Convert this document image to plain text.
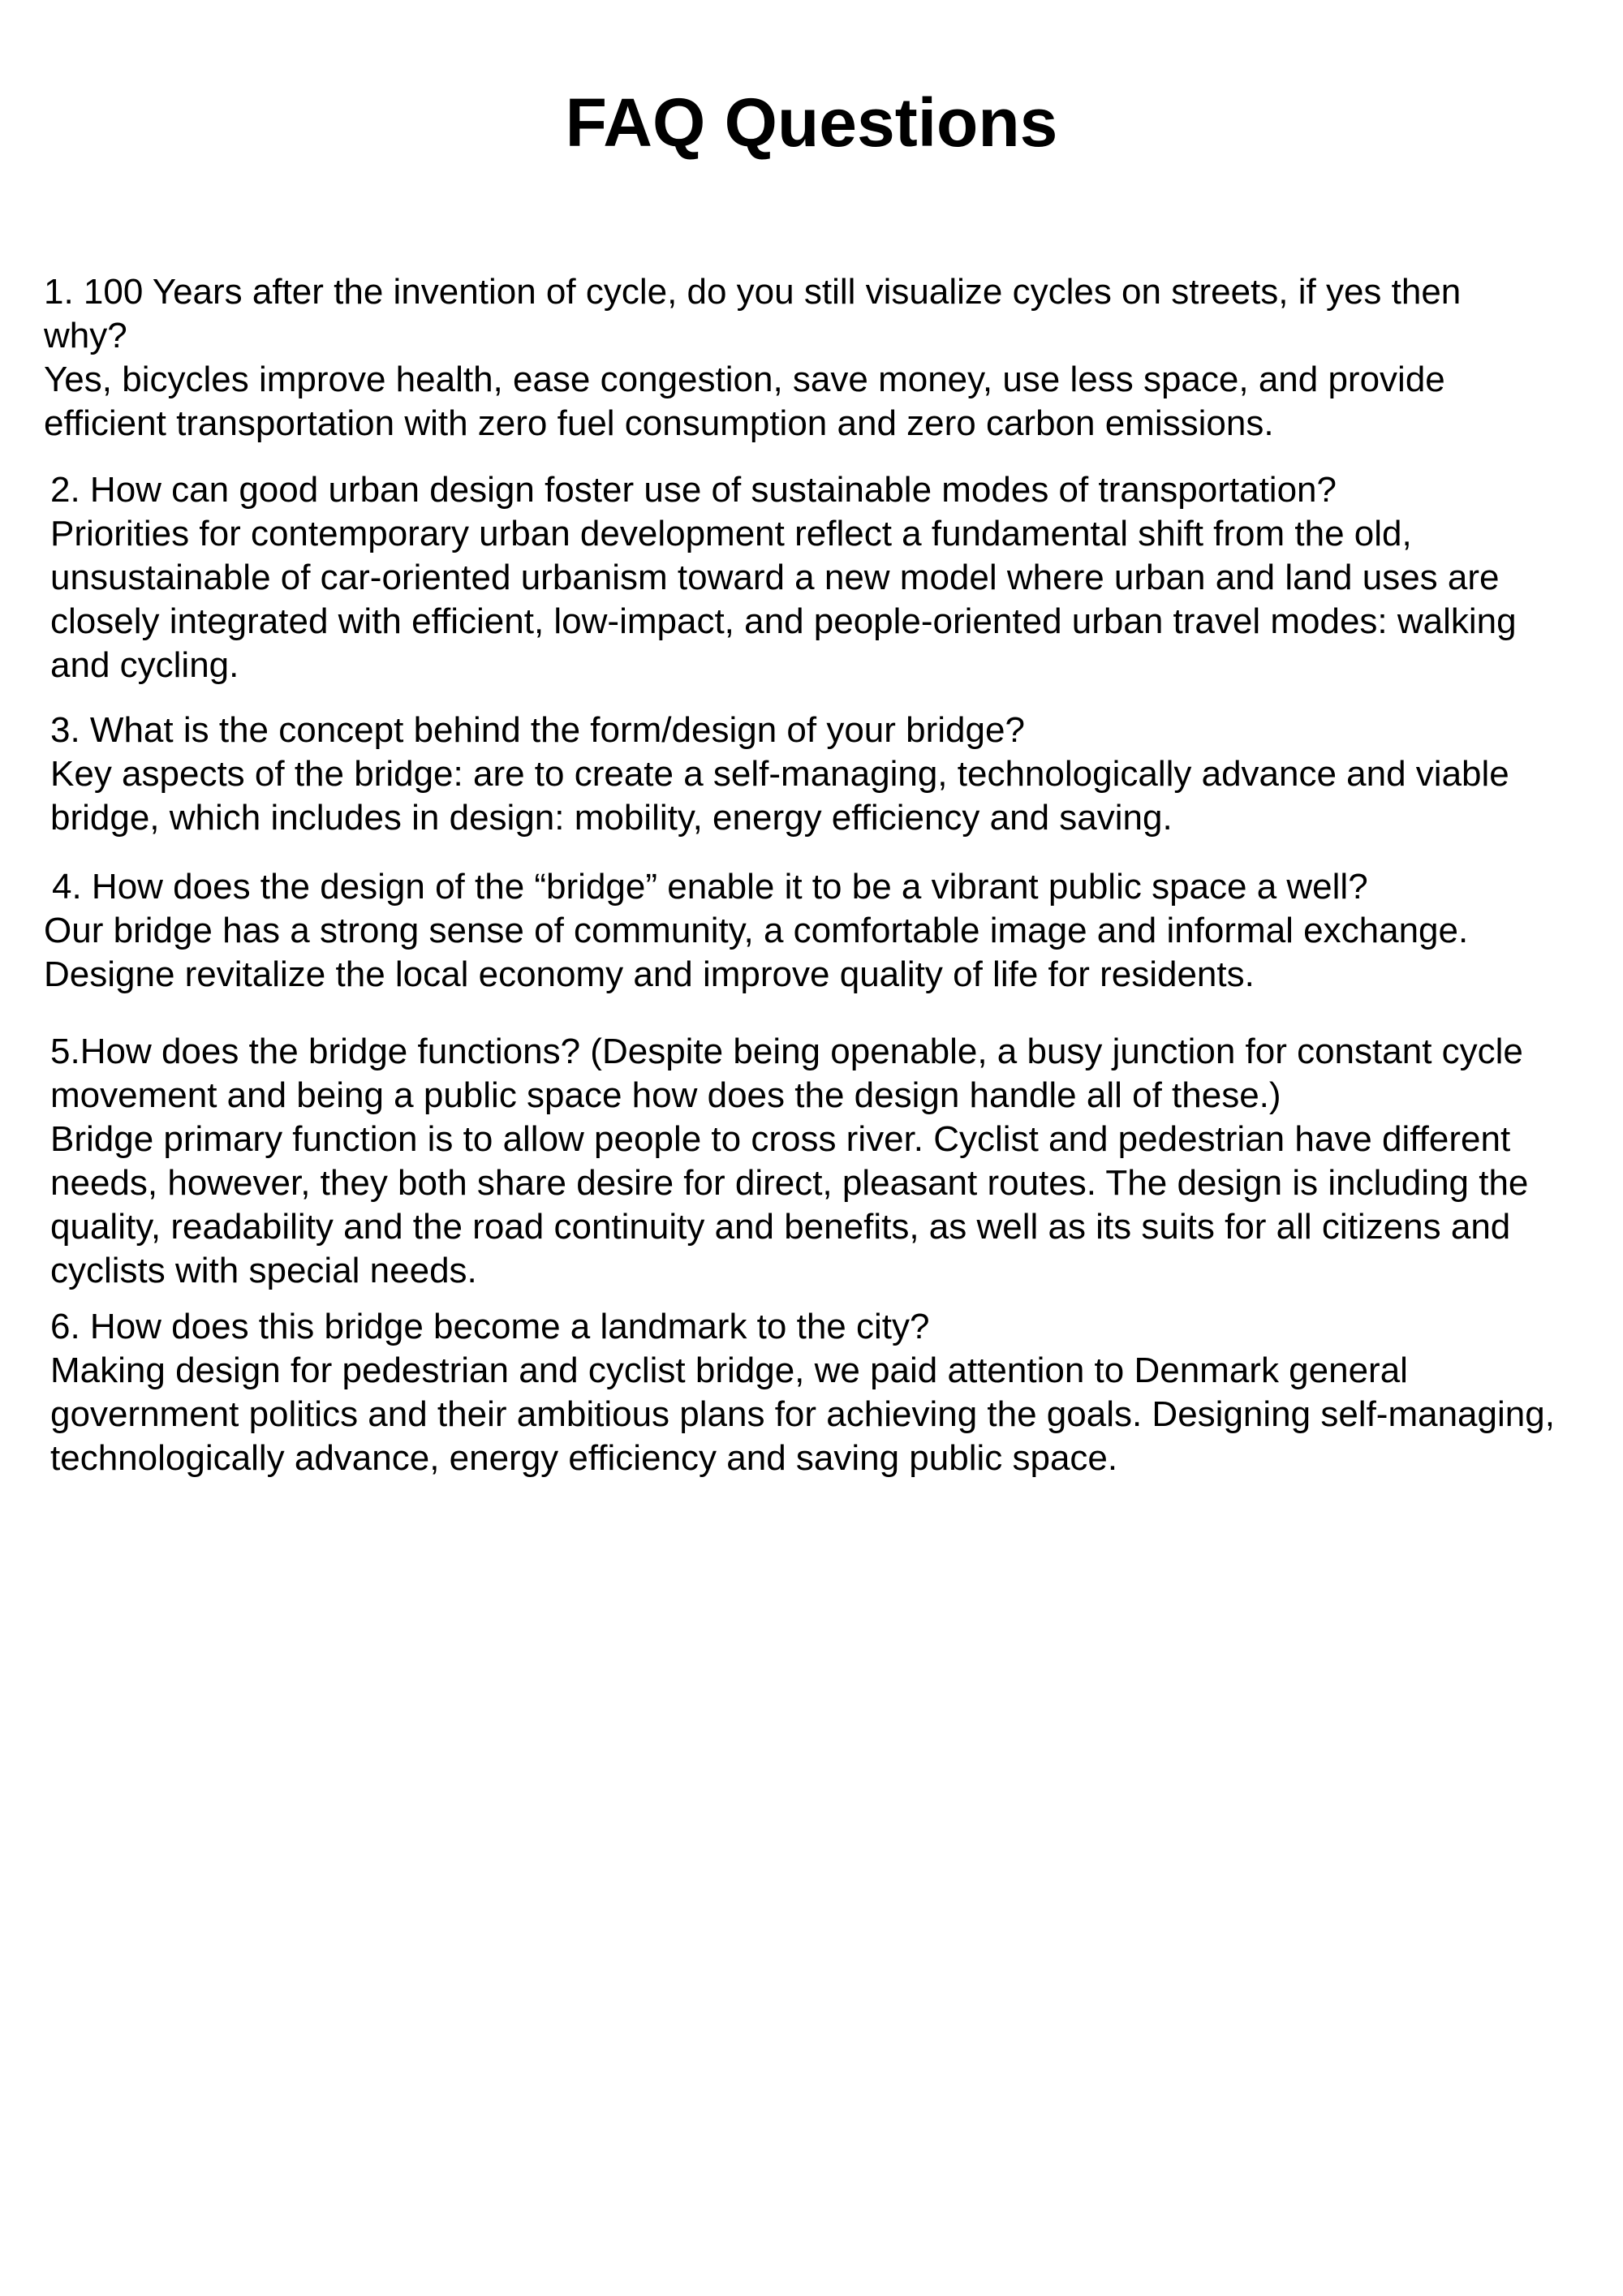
FAQ Questions
1. 100 Years after the invention of cycle, do you still visualize cycles on streets, if yes then
why?
Yes, bicycles improve health, ease congestion, save money, use less space, and provide
efficient transportation with zero fuel consumption and zero carbon emissions.
2. How can good urban design foster use of sustainable modes of transportation?
Priorities for contemporary urban development reflect a fundamental shift from the old,
unsustainable of car-oriented urbanism toward a new model where urban and land uses are
closely integrated with efficient, low-impact, and people-oriented urban travel modes: walking
and cycling.
3. What is the concept behind the form/design of your bridge?
Key aspects of the bridge: are to create a self-managing, technologically advance and viable
bridge, which includes in design: mobility, energy efficiency and saving.
4. How does the design of the “bridge” enable it to be a vibrant public space a well?
Our bridge has a strong sense of community, a comfortable image and informal exchange.
Designe revitalize the local economy and improve quality of life for residents.
5.How does the bridge functions? (Despite being openable, a busy junction for constant cycle
movement and being a public space how does the design handle all of these.)
Bridge primary function is to allow people to cross river. Cyclist and pedestrian have different
needs, however, they both share desire for direct, pleasant routes. The design is including the
quality, readability and the road continuity and benefits, as well as its suits for all citizens and
cyclists with special needs.
6. How does this bridge become a landmark to the city?
Making design for pedestrian and cyclist bridge, we paid attention to Denmark general
government politics and their ambitious plans for achieving the goals. Designing self-managing,
technologically advance, energy efficiency and saving public space.
